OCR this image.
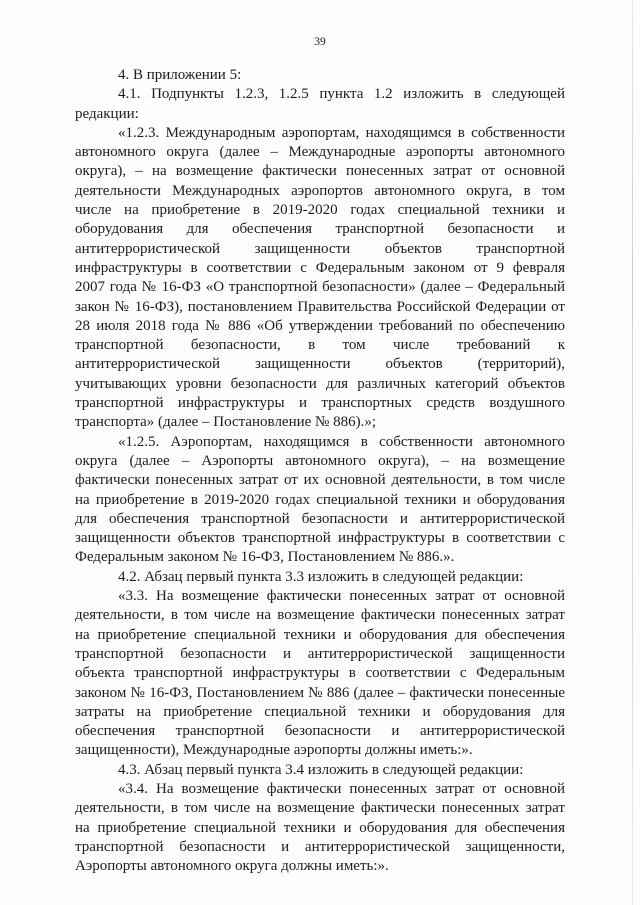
39
4. В приложении 5:
4.1. Подпункты 1.2.3, 1.2.5 пункта 1.2 изложить в следующей
редакции:
«1.2.3. Международным аэропортам, находящимся в собственности
автономного округа (далее – Международные аэропорты автономного
округа), – на возмещение фактически понесенных затрат от основной
деятельности Международных аэропортов автономного округа, в том
числе на приобретение в 2019-2020 годах специальной техники и
оборудования для обеспечения транспортной безопасности и
антитеррористической защищенности объектов транспортной
инфраструктуры в соответствии с Федеральным законом от 9 февраля
2007 года № 16-ФЗ «О транспортной безопасности» (далее – Федеральный
закон № 16-ФЗ), постановлением Правительства Российской Федерации от
28 июля 2018 года № 886 «Об утверждении требований по обеспечению
транспортной безопасности, в том числе требований к
антитеррористической защищенности объектов (территорий),
учитывающих уровни безопасности для различных категорий объектов
транспортной инфраструктуры и транспортных средств воздушного
транспорта» (далее – Постановление № 886).»;
«1.2.5. Аэропортам, находящимся в собственности автономного
округа (далее – Аэропорты автономного округа), – на возмещение
фактически понесенных затрат от их основной деятельности, в том числе
на приобретение в 2019-2020 годах специальной техники и оборудования
для обеспечения транспортной безопасности и антитеррористической
защищенности объектов транспортной инфраструктуры в соответствии с
Федеральным законом № 16-ФЗ, Постановлением № 886.».
4.2. Абзац первый пункта 3.3 изложить в следующей редакции:
«3.3. На возмещение фактически понесенных затрат от основной
деятельности, в том числе на возмещение фактически понесенных затрат
на приобретение специальной техники и оборудования для обеспечения
транспортной безопасности и антитеррористической защищенности
объекта транспортной инфраструктуры в соответствии с Федеральным
законом № 16-ФЗ, Постановлением № 886 (далее – фактически понесенные
затраты на приобретение специальной техники и оборудования для
обеспечения транспортной безопасности и антитеррористической
защищенности), Международные аэропорты должны иметь:».
4.3. Абзац первый пункта 3.4 изложить в следующей редакции:
«3.4. На возмещение фактически понесенных затрат от основной
деятельности, в том числе на возмещение фактически понесенных затрат
на приобретение специальной техники и оборудования для обеспечения
транспортной безопасности и антитеррористической защищенности,
Аэропорты автономного округа должны иметь:».
